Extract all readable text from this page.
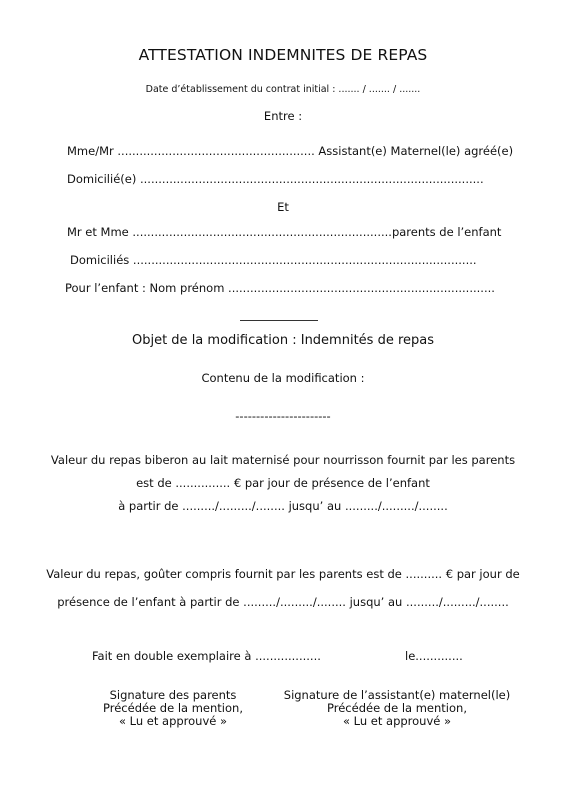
ATTESTATION INDEMNITES DE REPAS
Date d’établissement du contrat initial : ....... / ....... / .......
Entre :
Mme/Mr ...................................................... Assistant(e) Maternel(le) agréé(e)
Domicilié(e) ..............................................................................................
Et
Mr et Mme .......................................................................parents de l’enfant
Domiciliés ..............................................................................................
Pour l’enfant : Nom prénom .........................................................................
Objet de la modification : Indemnités de repas
Contenu de la modification :
-----------------------
Valeur du repas biberon au lait maternisé pour nourrisson fournit par les parents
est de ............... € par jour de présence de l’enfant
à partir de ........./........./........ jusqu’ au ........./........./........
Valeur du repas, goûter compris fournit par les parents est de .......... € par jour de
présence de l’enfant à partir de ........./........./........ jusqu’ au ........./........./........
Fait en double exemplaire à ..................	le.............
Signature des parents
Précédée de la mention,
« Lu et approuvé »
Signature de l’assistant(e) maternel(le)
Précédée de la mention,
« Lu et approuvé »
